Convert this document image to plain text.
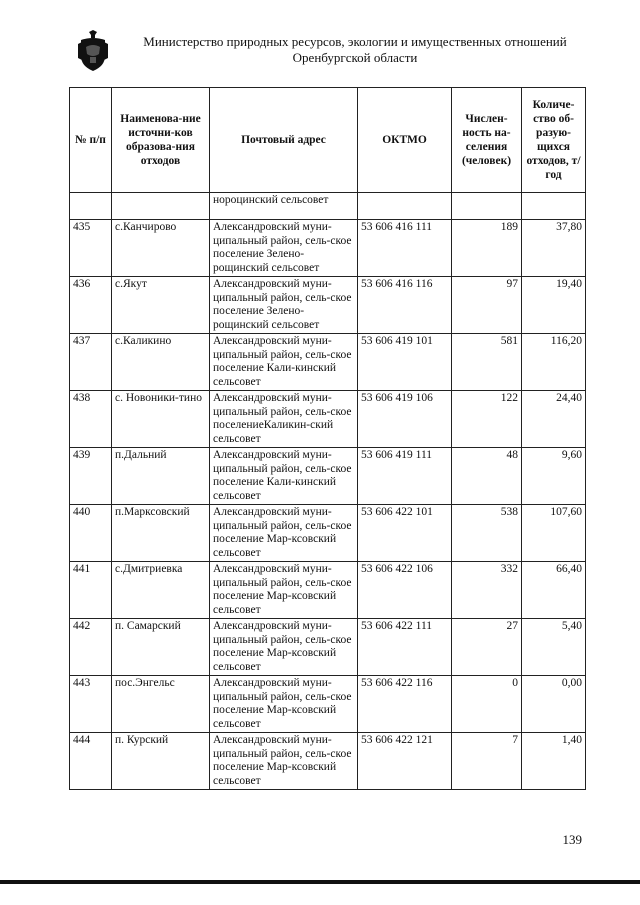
Министерство природных ресурсов, экологии и имущественных отношений
Оренбургской области
№ п/п	Наименова-ние источни-ков образова-ния отходов	Почтовый адрес	ОКТМО	Числен-ность на-селения (человек)	Количе-ство об-разую-щихся отходов, т/год
		нороцинский сельсовет			
435	с.Канчирово	Александровский муни-ципальный район, сель-ское поселение Зелено-рощинский сельсовет	53 606 416 111	189	37,80
436	с.Якут	Александровский муни-ципальный район, сель-ское поселение Зелено-рощинский сельсовет	53 606 416 116	97	19,40
437	с.Каликино	Александровский муни-ципальный район, сель-ское поселение Кали-кинский сельсовет	53 606 419 101	581	116,20
438	с. Новоники-тино	Александровский муни-ципальный район, сель-ское поселениеКаликин-ский сельсовет	53 606 419 106	122	24,40
439	п.Дальний	Александровский муни-ципальный район, сель-ское поселение Кали-кинский сельсовет	53 606 419 111	48	9,60
440	п.Марксовский	Александровский муни-ципальный район, сель-ское поселение Мар-ксовский сельсовет	53 606 422 101	538	107,60
441	с.Дмитриевка	Александровский муни-ципальный район, сель-ское поселение Мар-ксовский сельсовет	53 606 422 106	332	66,40
442	п. Самарский	Александровский муни-ципальный район, сель-ское поселение Мар-ксовский сельсовет	53 606 422 111	27	5,40
443	пос.Энгельс	Александровский муни-ципальный район, сель-ское поселение Мар-ксовский сельсовет	53 606 422 116	0	0,00
444	п. Курский	Александровский муни-ципальный район, сель-ское поселение Мар-ксовский сельсовет	53 606 422 121	7	1,40
139
